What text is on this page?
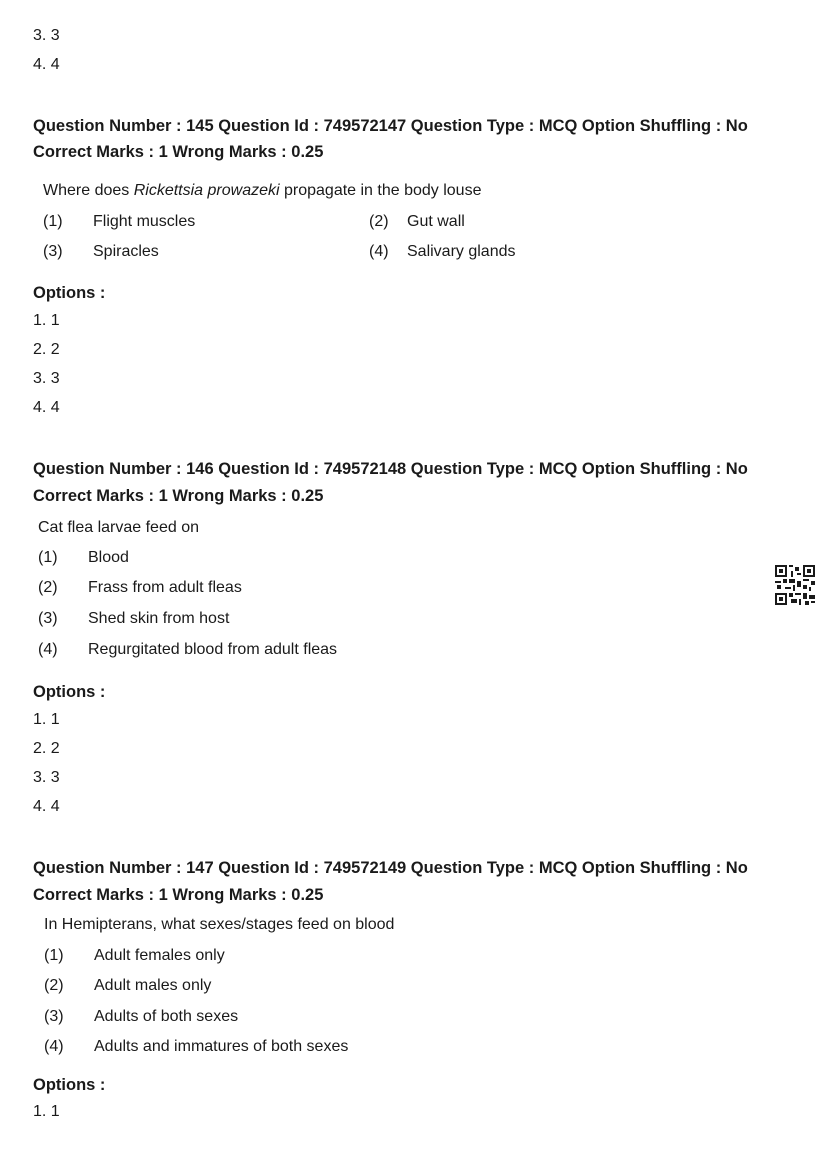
3. 3
4. 4
Question Number : 145 Question Id : 749572147 Question Type : MCQ Option Shuffling : No
Correct Marks : 1 Wrong Marks : 0.25
Where does Rickettsia prowazeki propagate in the body louse
(1) Flight muscles	(2) Gut wall
(3) Spiracles	(4) Salivary glands
Options :
1. 1
2. 2
3. 3
4. 4
Question Number : 146 Question Id : 749572148 Question Type : MCQ Option Shuffling : No
Correct Marks : 1 Wrong Marks : 0.25
Cat flea larvae feed on
(1) Blood
(2) Frass from adult fleas
(3) Shed skin from host
(4) Regurgitated blood from adult fleas
Options :
1. 1
2. 2
3. 3
4. 4
Question Number : 147 Question Id : 749572149 Question Type : MCQ Option Shuffling : No
Correct Marks : 1 Wrong Marks : 0.25
In Hemipterans, what sexes/stages feed on blood
(1) Adult females only
(2) Adult males only
(3) Adults of both sexes
(4) Adults and immatures of both sexes
Options :
1. 1
